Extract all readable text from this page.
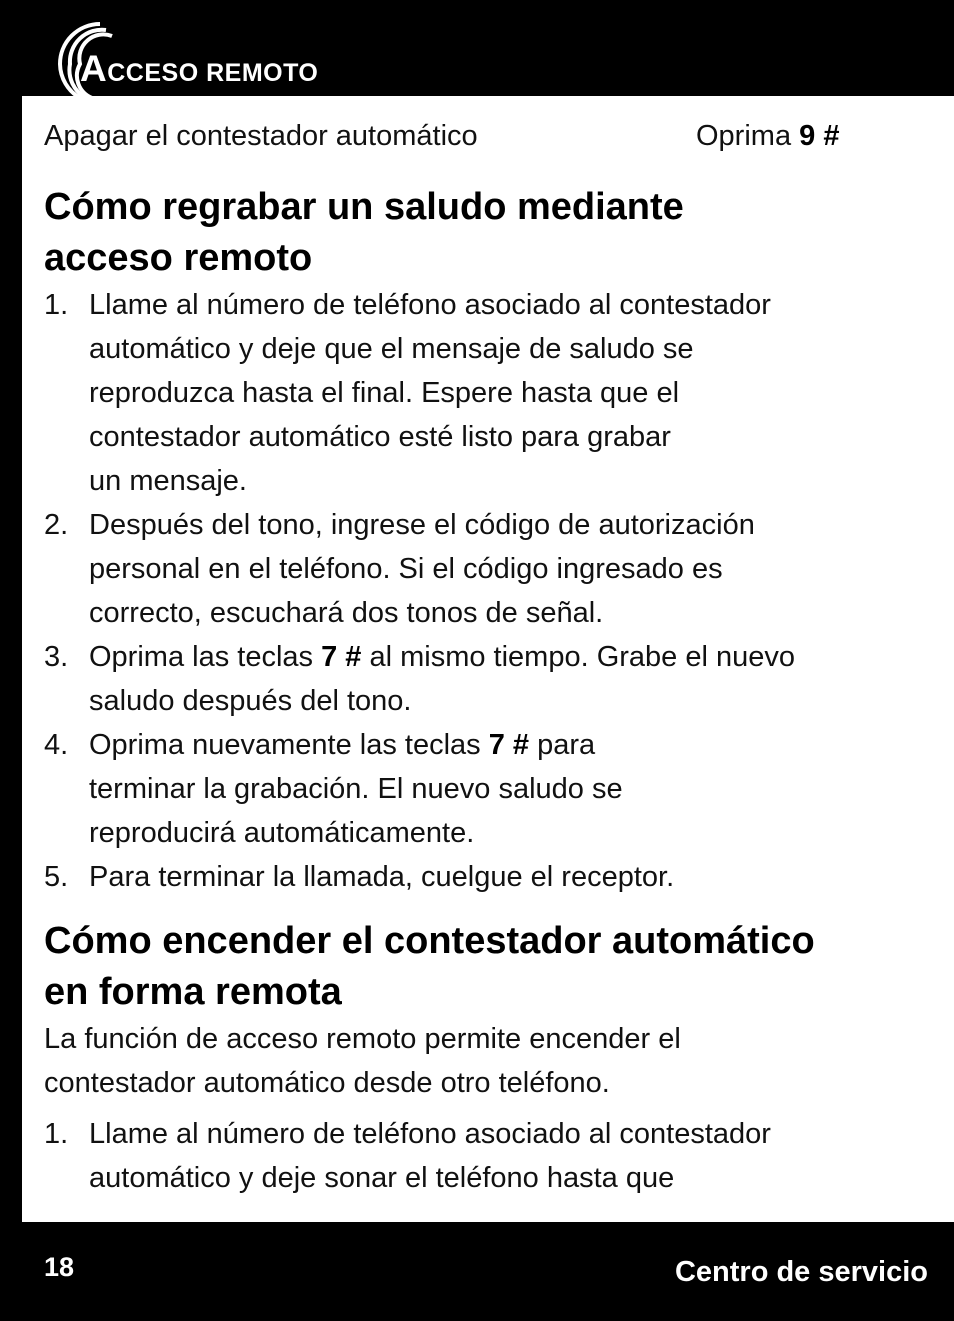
ACCESO REMOTO
Apagar el contestador automático	Oprima 9 #
Cómo regrabar un saludo mediante
acceso remoto
1. Llame al número de teléfono asociado al contestador
automático y deje que el mensaje de saludo se
reproduzca hasta el final. Espere hasta que el
contestador automático esté listo para grabar
un mensaje.
2. Después del tono, ingrese el código de autorización
personal en el teléfono. Si el código ingresado es
correcto, escuchará dos tonos de señal.
3. Oprima las teclas 7 # al mismo tiempo. Grabe el nuevo
saludo después del tono.
4. Oprima nuevamente las teclas 7 # para
terminar la grabación. El nuevo saludo se
reproducirá automáticamente.
5. Para terminar la llamada, cuelgue el receptor.
Cómo encender el contestador automático
en forma remota

La función de acceso remoto permite encender el
contestador automático desde otro teléfono.

1. Llame al número de teléfono asociado al contestador
automático y deje sonar el teléfono hasta que
18	Centro de servicio
